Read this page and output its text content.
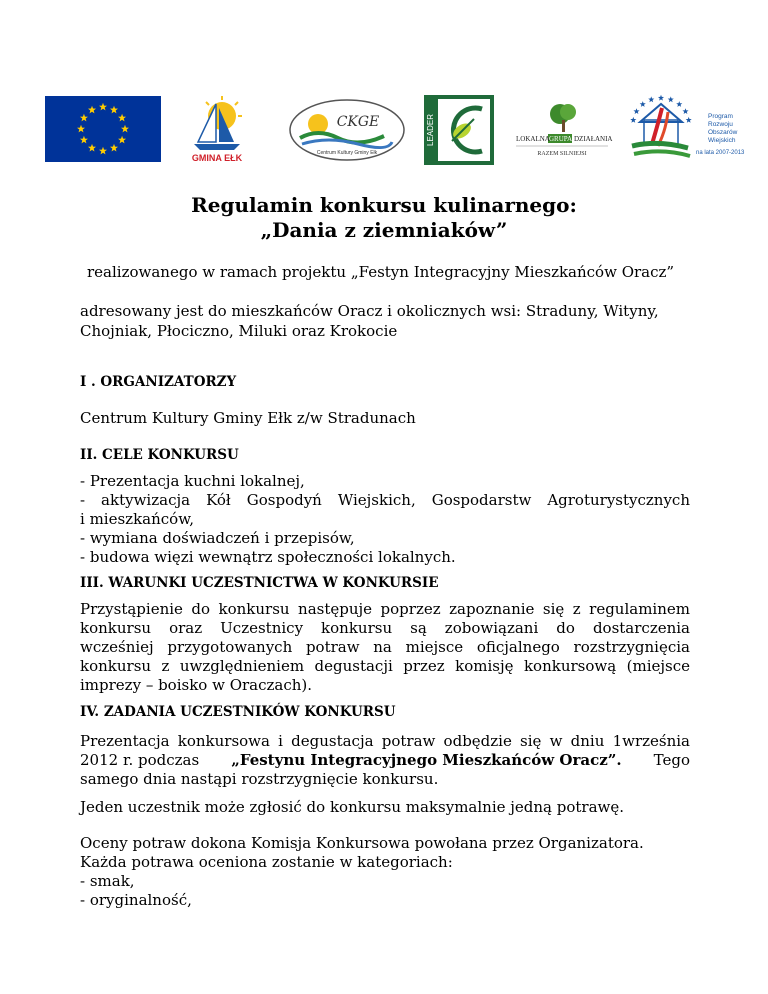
GMINA EŁK
CKGE
Centrum Kultury Gminy Ełk
LEADER	LOKALNA GRUPA DZIAŁANIA
RAZEM SILNIEJSI
Program
Rozwoju
Obszarów
Wiejskich
na lata 2007-2013
Regulamin konkursu kulinarnego:
„Dania z ziemniaków”
realizowanego w ramach projektu „Festyn Integracyjny Mieszkańców Oracz”
adresowany jest do mieszkańców Oracz i okolicznych wsi: Straduny, Wityny,
Chojniak, Płociczno, Miluki oraz Krokocie
I . ORGANIZATORZY
Centrum Kultury Gminy Ełk z/w Stradunach
II. CELE KONKURSU
- Prezentacja kuchni lokalnej,
- aktywizacja Kół Gospodyń Wiejskich, Gospodarstw Agroturystycznych
i mieszkańców,
- wymiana doświadczeń i przepisów,
- budowa więzi wewnątrz społeczności lokalnych.
III. WARUNKI UCZESTNICTWA W KONKURSIE
Przystąpienie do konkursu następuje poprzez zapoznanie się z regulaminem
konkursu oraz Uczestnicy konkursu są zobowiązani do dostarczenia
wcześniej przygotowanych potraw na miejsce oficjalnego rozstrzygnięcia
konkursu z uwzględnieniem degustacji przez komisję konkursową (miejsce
imprezy – boisko w Oraczach).
IV. ZADANIA UCZESTNIKÓW KONKURSU
Prezentacja konkursowa i degustacja potraw odbędzie się w dniu 1września
2012 r. podczas „Festynu Integracyjnego Mieszkańców Oracz”. Tego
samego dnia nastąpi rozstrzygnięcie konkursu.
Jeden uczestnik może zgłosić do konkursu maksymalnie jedną potrawę.
Oceny potraw dokona Komisja Konkursowa powołana przez Organizatora.
Każda potrawa oceniona zostanie w kategoriach:
- smak,
- oryginalność,
